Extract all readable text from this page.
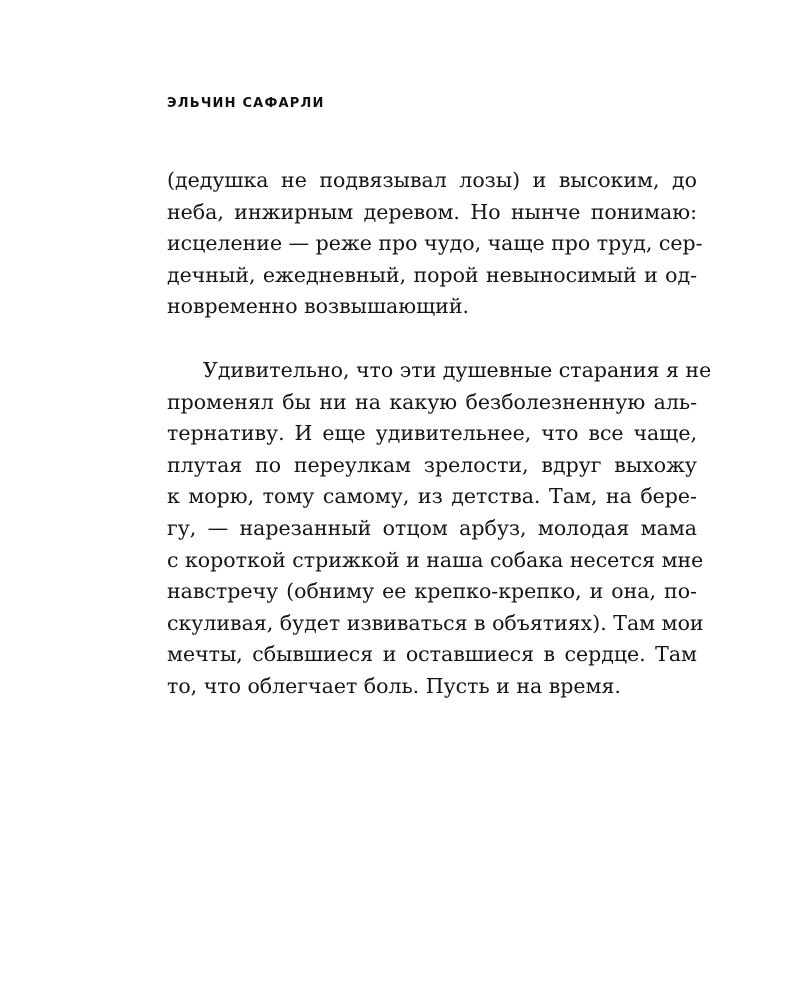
ЭЛЬЧИН САФАРЛИ
(дедушка не подвязывал лозы) и высоким, до
неба, инжирным деревом. Но нынче понимаю:
исцеление — реже про чудо, чаще про труд, сер-
дечный, ежедневный, порой невыносимый и од-
новременно возвышающий.
Удивительно, что эти душевные старания я не
променял бы ни на какую безболезненную аль-
тернативу. И еще удивительнее, что все чаще,
плутая по переулкам зрелости, вдруг выхожу
к морю, тому самому, из детства. Там, на бере-
гу, — нарезанный отцом арбуз, молодая мама
с короткой стрижкой и наша собака несется мне
навстречу (обниму ее крепко-крепко, и она, по-
скуливая, будет извиваться в объятиях). Там мои
мечты, сбывшиеся и оставшиеся в сердце. Там
то, что облегчает боль. Пусть и на время.
